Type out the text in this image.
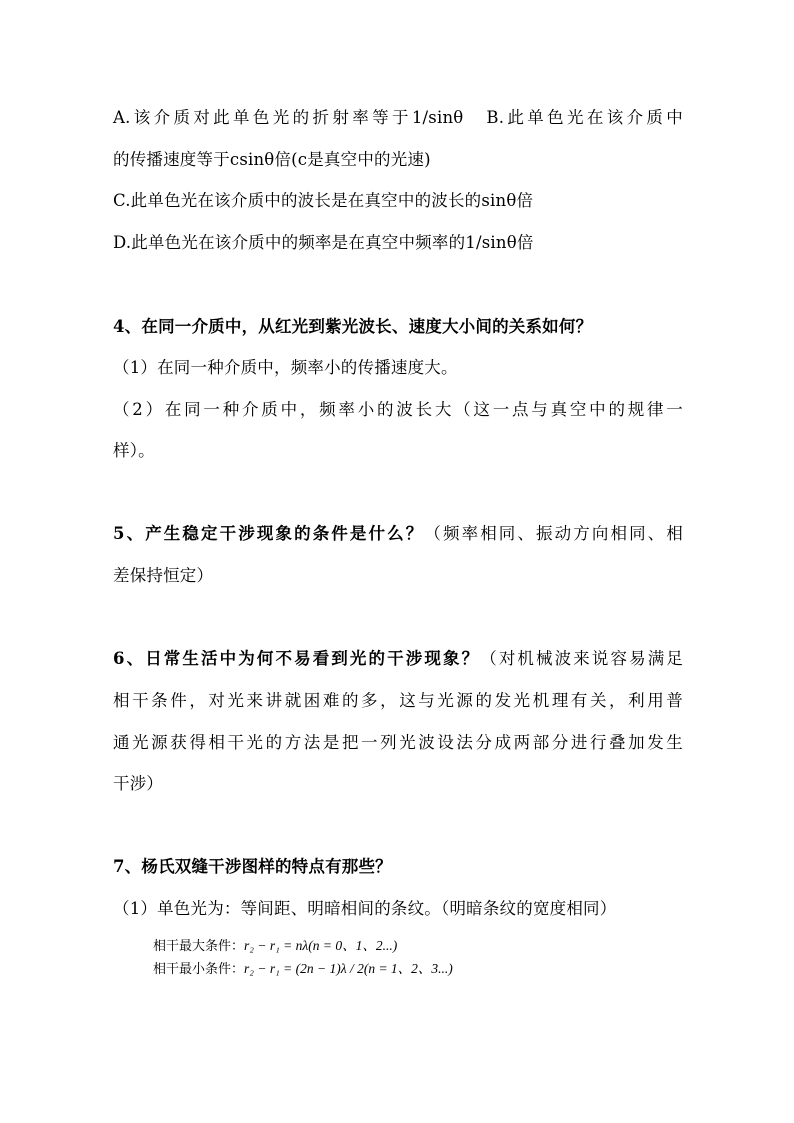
A.该介质对此单色光的折射率等于1/sinθ　B.此单色光在该介质中
的传播速度等于csinθ倍(c是真空中的光速)
C.此单色光在该介质中的波长是在真空中的波长的sinθ倍
D.此单色光在该介质中的频率是在真空中频率的1/sinθ倍
4、在同一介质中，从红光到紫光波长、速度大小间的关系如何？
（1）在同一种介质中，频率小的传播速度大。
（2）在同一种介质中，频率小的波长大（这一点与真空中的规律一
样）。
5、产生稳定干涉现象的条件是什么？（频率相同、振动方向相同、相
差保持恒定）
6、日常生活中为何不易看到光的干涉现象？（对机械波来说容易满足
相干条件，对光来讲就困难的多，这与光源的发光机理有关，利用普
通光源获得相干光的方法是把一列光波设法分成两部分进行叠加发生
干涉）
7、杨氏双缝干涉图样的特点有那些？
（1）单色光为：等间距、明暗相间的条纹。（明暗条纹的宽度相同）
相干最大条件：r₂ − r₁ = nλ(n = 0、1、2...)
相干最小条件：r₂ − r₁ = (2n − 1)λ / 2(n = 1、2、3...)
